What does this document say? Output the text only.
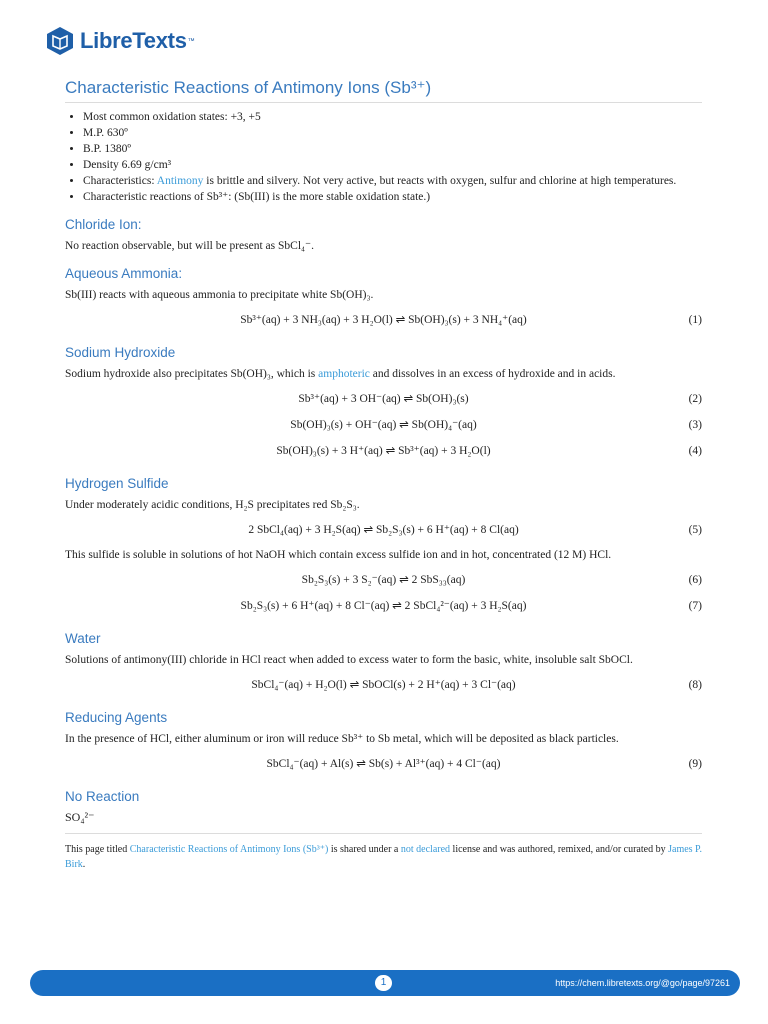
LibreTexts ™
Characteristic Reactions of Antimony Ions (Sb³⁺)
• Most common oxidation states: +3, +5
• M.P. 630º
• B.P. 1380º
• Density 6.69 g/cm³
• Characteristics: Antimony is brittle and silvery. Not very active, but reacts with oxygen, sulfur and chlorine at high temperatures.
• Characteristic reactions of Sb³⁺: (Sb(III) is the more stable oxidation state.)
Chloride Ion:

No reaction observable, but will be present as SbCl₄⁻.

Aqueous Ammonia:

Sb(III) reacts with aqueous ammonia to precipitate white Sb(OH)₃.

Sb³⁺(aq) + 3 NH₃(aq) + 3 H₂O(l) ⇌ Sb(OH)₃(s) + 3 NH₄⁺(aq)	(1)
Sodium Hydroxide

Sodium hydroxide also precipitates Sb(OH)₃, which is amphoteric and dissolves in an excess of hydroxide and in acids.

Sb³⁺(aq) + 3 OH⁻(aq) ⇌ Sb(OH)₃(s)	(2)
Sb(OH)₃(s) + OH⁻(aq) ⇌ Sb(OH)₄⁻(aq)	(3)
Sb(OH)₃(s) + 3 H⁺(aq) ⇌ Sb³⁺(aq) + 3 H₂O(l)	(4)
Hydrogen Sulfide

Under moderately acidic conditions, H₂S precipitates red Sb₂S₃.

2 SbCl₄(aq) + 3 H₂S(aq) ⇌ Sb₂S₃(s) + 6 H⁺(aq) + 8 Cl(aq)	(5)

This sulfide is soluble in solutions of hot NaOH which contain excess sulfide ion and in hot, concentrated (12 M) HCl.

Sb₂S₃(s) + 3 S₂⁻(aq) ⇌ 2 SbS₃₃(aq)	(6)
Sb₂S₃(s) + 6 H⁺(aq) + 8 Cl⁻(aq) ⇌ 2 SbCl₄²⁻(aq) + 3 H₂S(aq)	(7)
Water

Solutions of antimony(III) chloride in HCl react when added to excess water to form the basic, white, insoluble salt SbOCl.

SbCl₄⁻(aq) + H₂O(l) ⇌ SbOCl(s) + 2 H⁺(aq) + 3 Cl⁻(aq)	(8)
Reducing Agents

In the presence of HCl, either aluminum or iron will reduce Sb³⁺ to Sb metal, which will be deposited as black particles.

SbCl₄⁻(aq) + Al(s) ⇌ Sb(s) + Al³⁺(aq) + 4 Cl⁻(aq)	(9)
No Reaction
SO₄²⁻
This page titled Characteristic Reactions of Antimony Ions (Sb³⁺) is shared under a not declared license and was authored, remixed, and/or curated by James P. Birk.
1	https://chem.libretexts.org/@go/page/97261
